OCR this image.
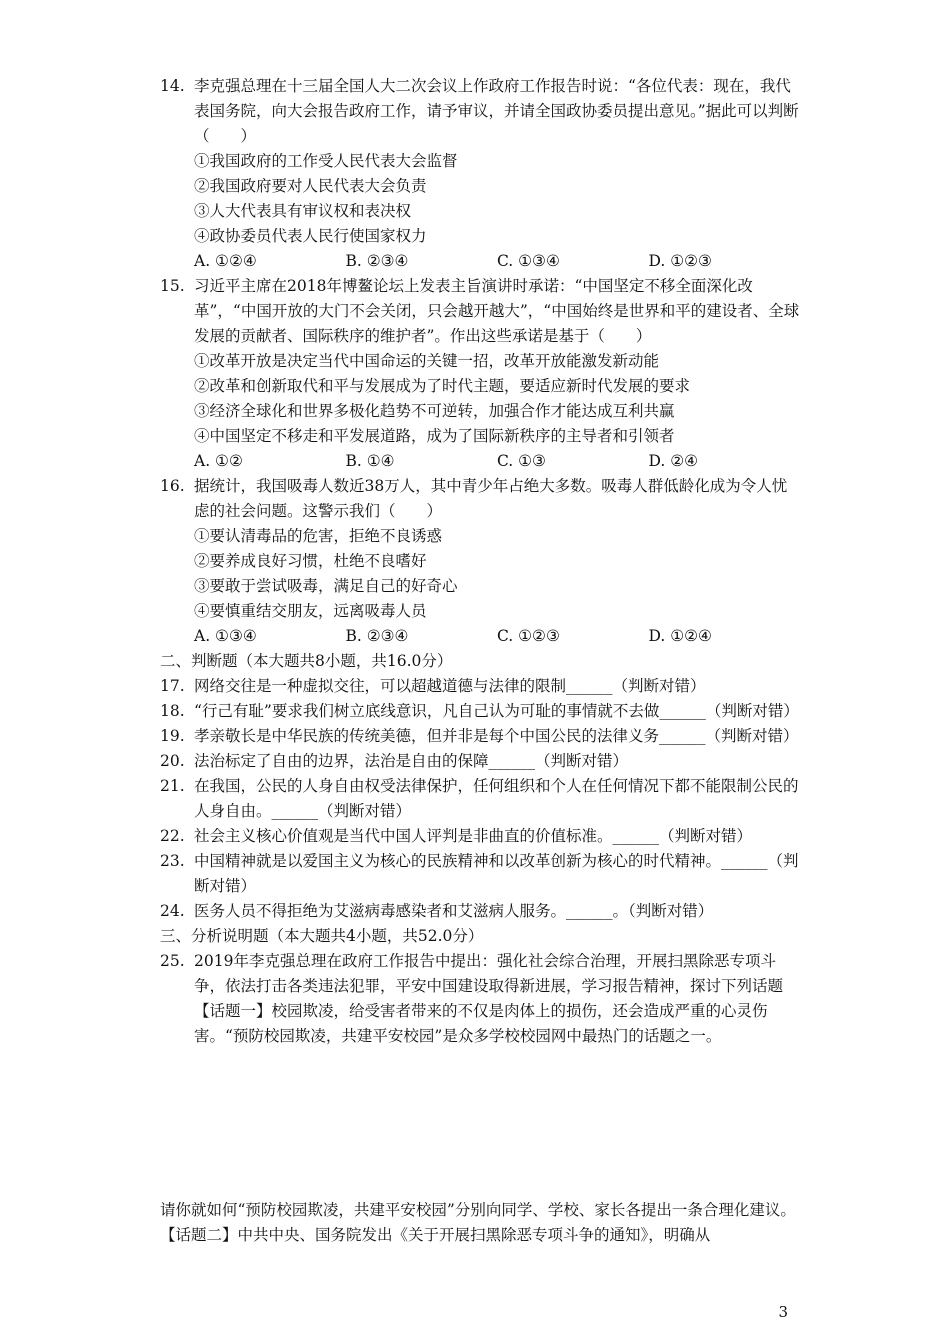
14. 李克强总理在十三届全国人大二次会议上作政府工作报告时说：“各位代表：现在，我代表国务院，向大会报告政府工作，请予审议，并请全国政协委员提出意见。”据此可以判断（　　）
①我国政府的工作受人民代表大会监督
②我国政府要对人民代表大会负责
③人大代表具有审议权和表决权
④政协委员代表人民行使国家权力
A. ①②④	B. ②③④	C. ①③④	D. ①②③
15. 习近平主席在2018年博鳌论坛上发表主旨演讲时承诺：“中国坚定不移全面深化改革”，“中国开放的大门不会关闭，只会越开越大”，“中国始终是世界和平的建设者、全球发展的贡献者、国际秩序的维护者”。作出这些承诺是基于（　　）
①改革开放是决定当代中国命运的关键一招，改革开放能激发新动能
②改革和创新取代和平与发展成为了时代主题，要适应新时代发展的要求
③经济全球化和世界多极化趋势不可逆转，加强合作才能达成互利共赢
④中国坚定不移走和平发展道路，成为了国际新秩序的主导者和引领者
A. ①②	B. ①④	C. ①③	D. ②④
16. 据统计，我国吸毒人数近38万人，其中青少年占绝大多数。吸毒人群低龄化成为令人忧虑的社会问题。这警示我们（　　）
①要认清毒品的危害，拒绝不良诱惑
②要养成良好习惯，杜绝不良嗜好
③要敢于尝试吸毒，满足自己的好奇心
④要慎重结交朋友，远离吸毒人员
A. ①③④	B. ②③④	C. ①②③	D. ①②④
二、判断题（本大题共8小题，共16.0分）
17. 网络交往是一种虚拟交往，可以超越道德与法律的限制______（判断对错）
18. “行己有耻”要求我们树立底线意识，凡自己认为可耻的事情就不去做______（判断对错）
19. 孝亲敬长是中华民族的传统美德，但并非是每个中国公民的法律义务______（判断对错）
20. 法治标定了自由的边界，法治是自由的保障______（判断对错）
21. 在我国，公民的人身自由权受法律保护，任何组织和个人在任何情况下都不能限制公民的人身自由。______（判断对错）
22. 社会主义核心价值观是当代中国人评判是非曲直的价值标准。______（判断对错）
23. 中国精神就是以爱国主义为核心的民族精神和以改革创新为核心的时代精神。______（判断对错）
24. 医务人员不得拒绝为艾滋病毒感染者和艾滋病人服务。______。（判断对错）
三、分析说明题（本大题共4小题，共52.0分）
25. 2019年李克强总理在政府工作报告中提出：强化社会综合治理，开展扫黑除恶专项斗争，依法打击各类违法犯罪，平安中国建设取得新进展，学习报告精神，探讨下列话题
【话题一】校园欺凌，给受害者带来的不仅是肉体上的损伤，还会造成严重的心灵伤害。“预防校园欺凌，共建平安校园”是众多学校校园网中最热门的话题之一。
请你就如何“预防校园欺凌，共建平安校园”分别向同学、学校、家长各提出一条合理化建议。
【话题二】中共中央、国务院发出《关于开展扫黑除恶专项斗争的通知》，明确从
3
